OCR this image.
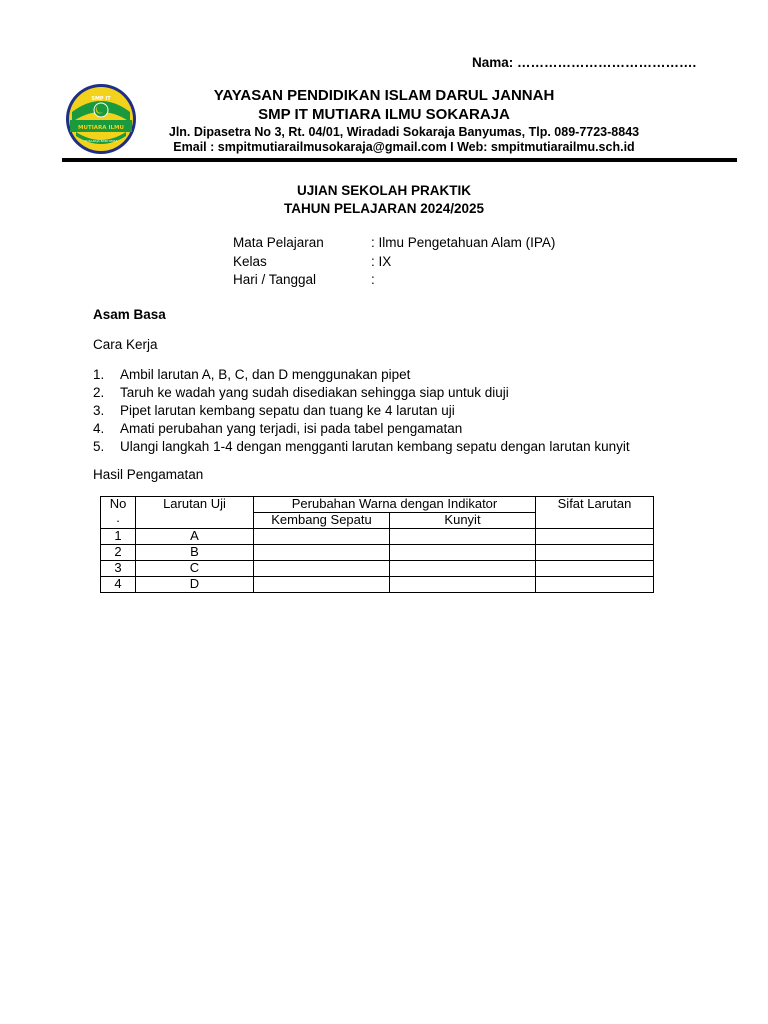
Nama: ………………………………….
SMP IT
MUTIARA ILMU
SOKARAJA BANYUMAS
YAYASAN PENDIDIKAN ISLAM DARUL JANNAH
SMP IT MUTIARA ILMU SOKARAJA
Jln. Dipasetra No 3, Rt. 04/01, Wiradadi Sokaraja Banyumas, Tlp. 089-7723-8843
Email : smpitmutiarailmusokaraja@gmail.com I Web: smpitmutiarailmu.sch.id
UJIAN SEKOLAH PRAKTIK
TAHUN PELAJARAN 2024/2025
Mata Pelajaran	: Ilmu Pengetahuan Alam (IPA)
Kelas	: IX
Hari / Tanggal	:
Asam Basa
Cara Kerja
1. Ambil larutan A, B, C, dan D menggunakan pipet
2. Taruh ke wadah yang sudah disediakan sehingga siap untuk diuji
3. Pipet larutan kembang sepatu dan tuang ke 4 larutan uji
4. Amati perubahan yang terjadi, isi pada tabel pengamatan
5. Ulangi langkah 1-4 dengan mengganti larutan kembang sepatu dengan larutan kunyit
Hasil Pengamatan
No
.	Larutan Uji	Perubahan Warna dengan Indikator		Sifat Larutan
		Kembang Sepatu	Kunyit	
1	A			
2	B			
3	C			
4	D			
